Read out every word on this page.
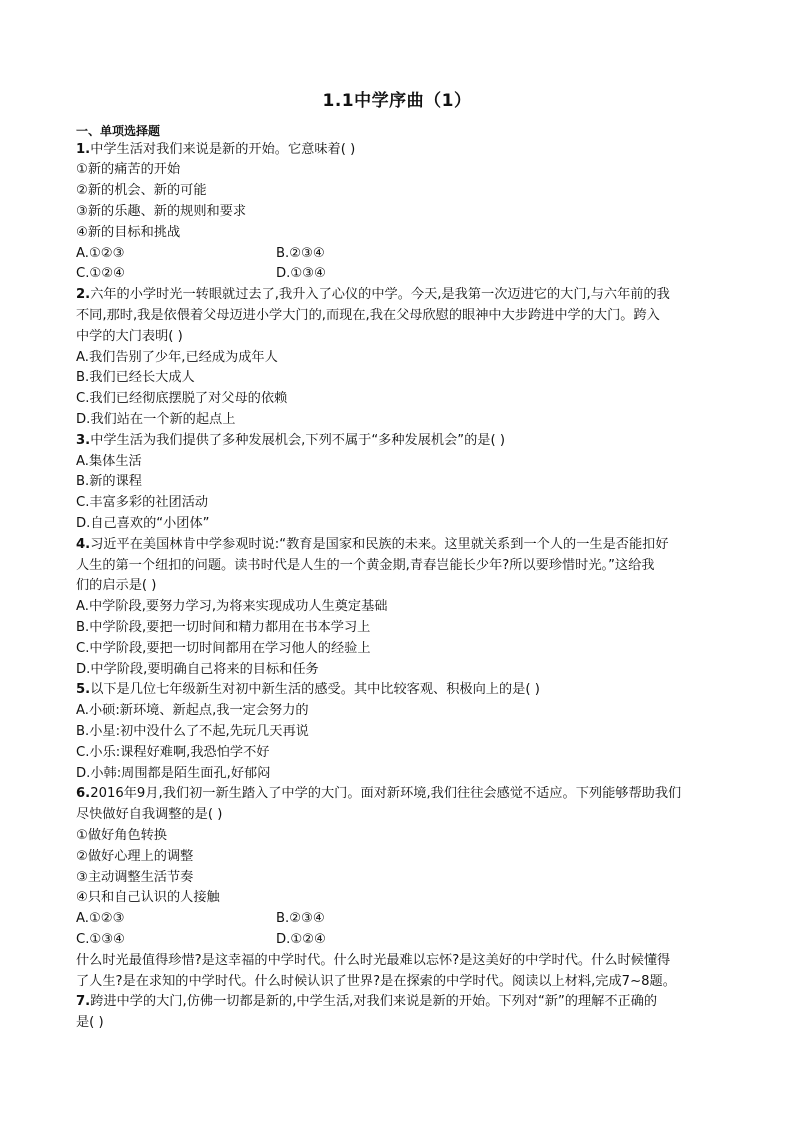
1.1中学序曲（1）
一、单项选择题
1.中学生活对我们来说是新的开始。它意味着( )
①新的痛苦的开始
②新的机会、新的可能
③新的乐趣、新的规则和要求
④新的目标和挑战
A.①②③	B.②③④
C.①②④	D.①③④
2.六年的小学时光一转眼就过去了,我升入了心仪的中学。今天,是我第一次迈进它的大门,与六年前的我
不同,那时,我是依偎着父母迈进小学大门的,而现在,我在父母欣慰的眼神中大步跨进中学的大门。跨入
中学的大门表明( )
A.我们告别了少年,已经成为成年人
B.我们已经长大成人
C.我们已经彻底摆脱了对父母的依赖
D.我们站在一个新的起点上
3.中学生活为我们提供了多种发展机会,下列不属于“多种发展机会”的是( )
A.集体生活
B.新的课程
C.丰富多彩的社团活动
D.自己喜欢的“小团体”
4.习近平在美国林肯中学参观时说:“教育是国家和民族的未来。这里就关系到一个人的一生是否能扣好
人生的第一个纽扣的问题。读书时代是人生的一个黄金期,青春岂能长少年?所以要珍惜时光。”这给我
们的启示是( )
A.中学阶段,要努力学习,为将来实现成功人生奠定基础
B.中学阶段,要把一切时间和精力都用在书本学习上
C.中学阶段,要把一切时间都用在学习他人的经验上
D.中学阶段,要明确自己将来的目标和任务
5.以下是几位七年级新生对初中新生活的感受。其中比较客观、积极向上的是( )
A.小硕:新环境、新起点,我一定会努力的
B.小星:初中没什么了不起,先玩几天再说
C.小乐:课程好难啊,我恐怕学不好
D.小韩:周围都是陌生面孔,好郁闷
6.2016年9月,我们初一新生踏入了中学的大门。面对新环境,我们往往会感觉不适应。下列能够帮助我们
尽快做好自我调整的是( )
①做好角色转换
②做好心理上的调整
③主动调整生活节奏
④只和自己认识的人接触
A.①②③	B.②③④
C.①③④	D.①②④
什么时光最值得珍惜?是这幸福的中学时代。什么时光最难以忘怀?是这美好的中学时代。什么时候懂得
了人生?是在求知的中学时代。什么时候认识了世界?是在探索的中学时代。阅读以上材料,完成7~8题。
7.跨进中学的大门,仿佛一切都是新的,中学生活,对我们来说是新的开始。下列对“新”的理解不正确的
是( )
